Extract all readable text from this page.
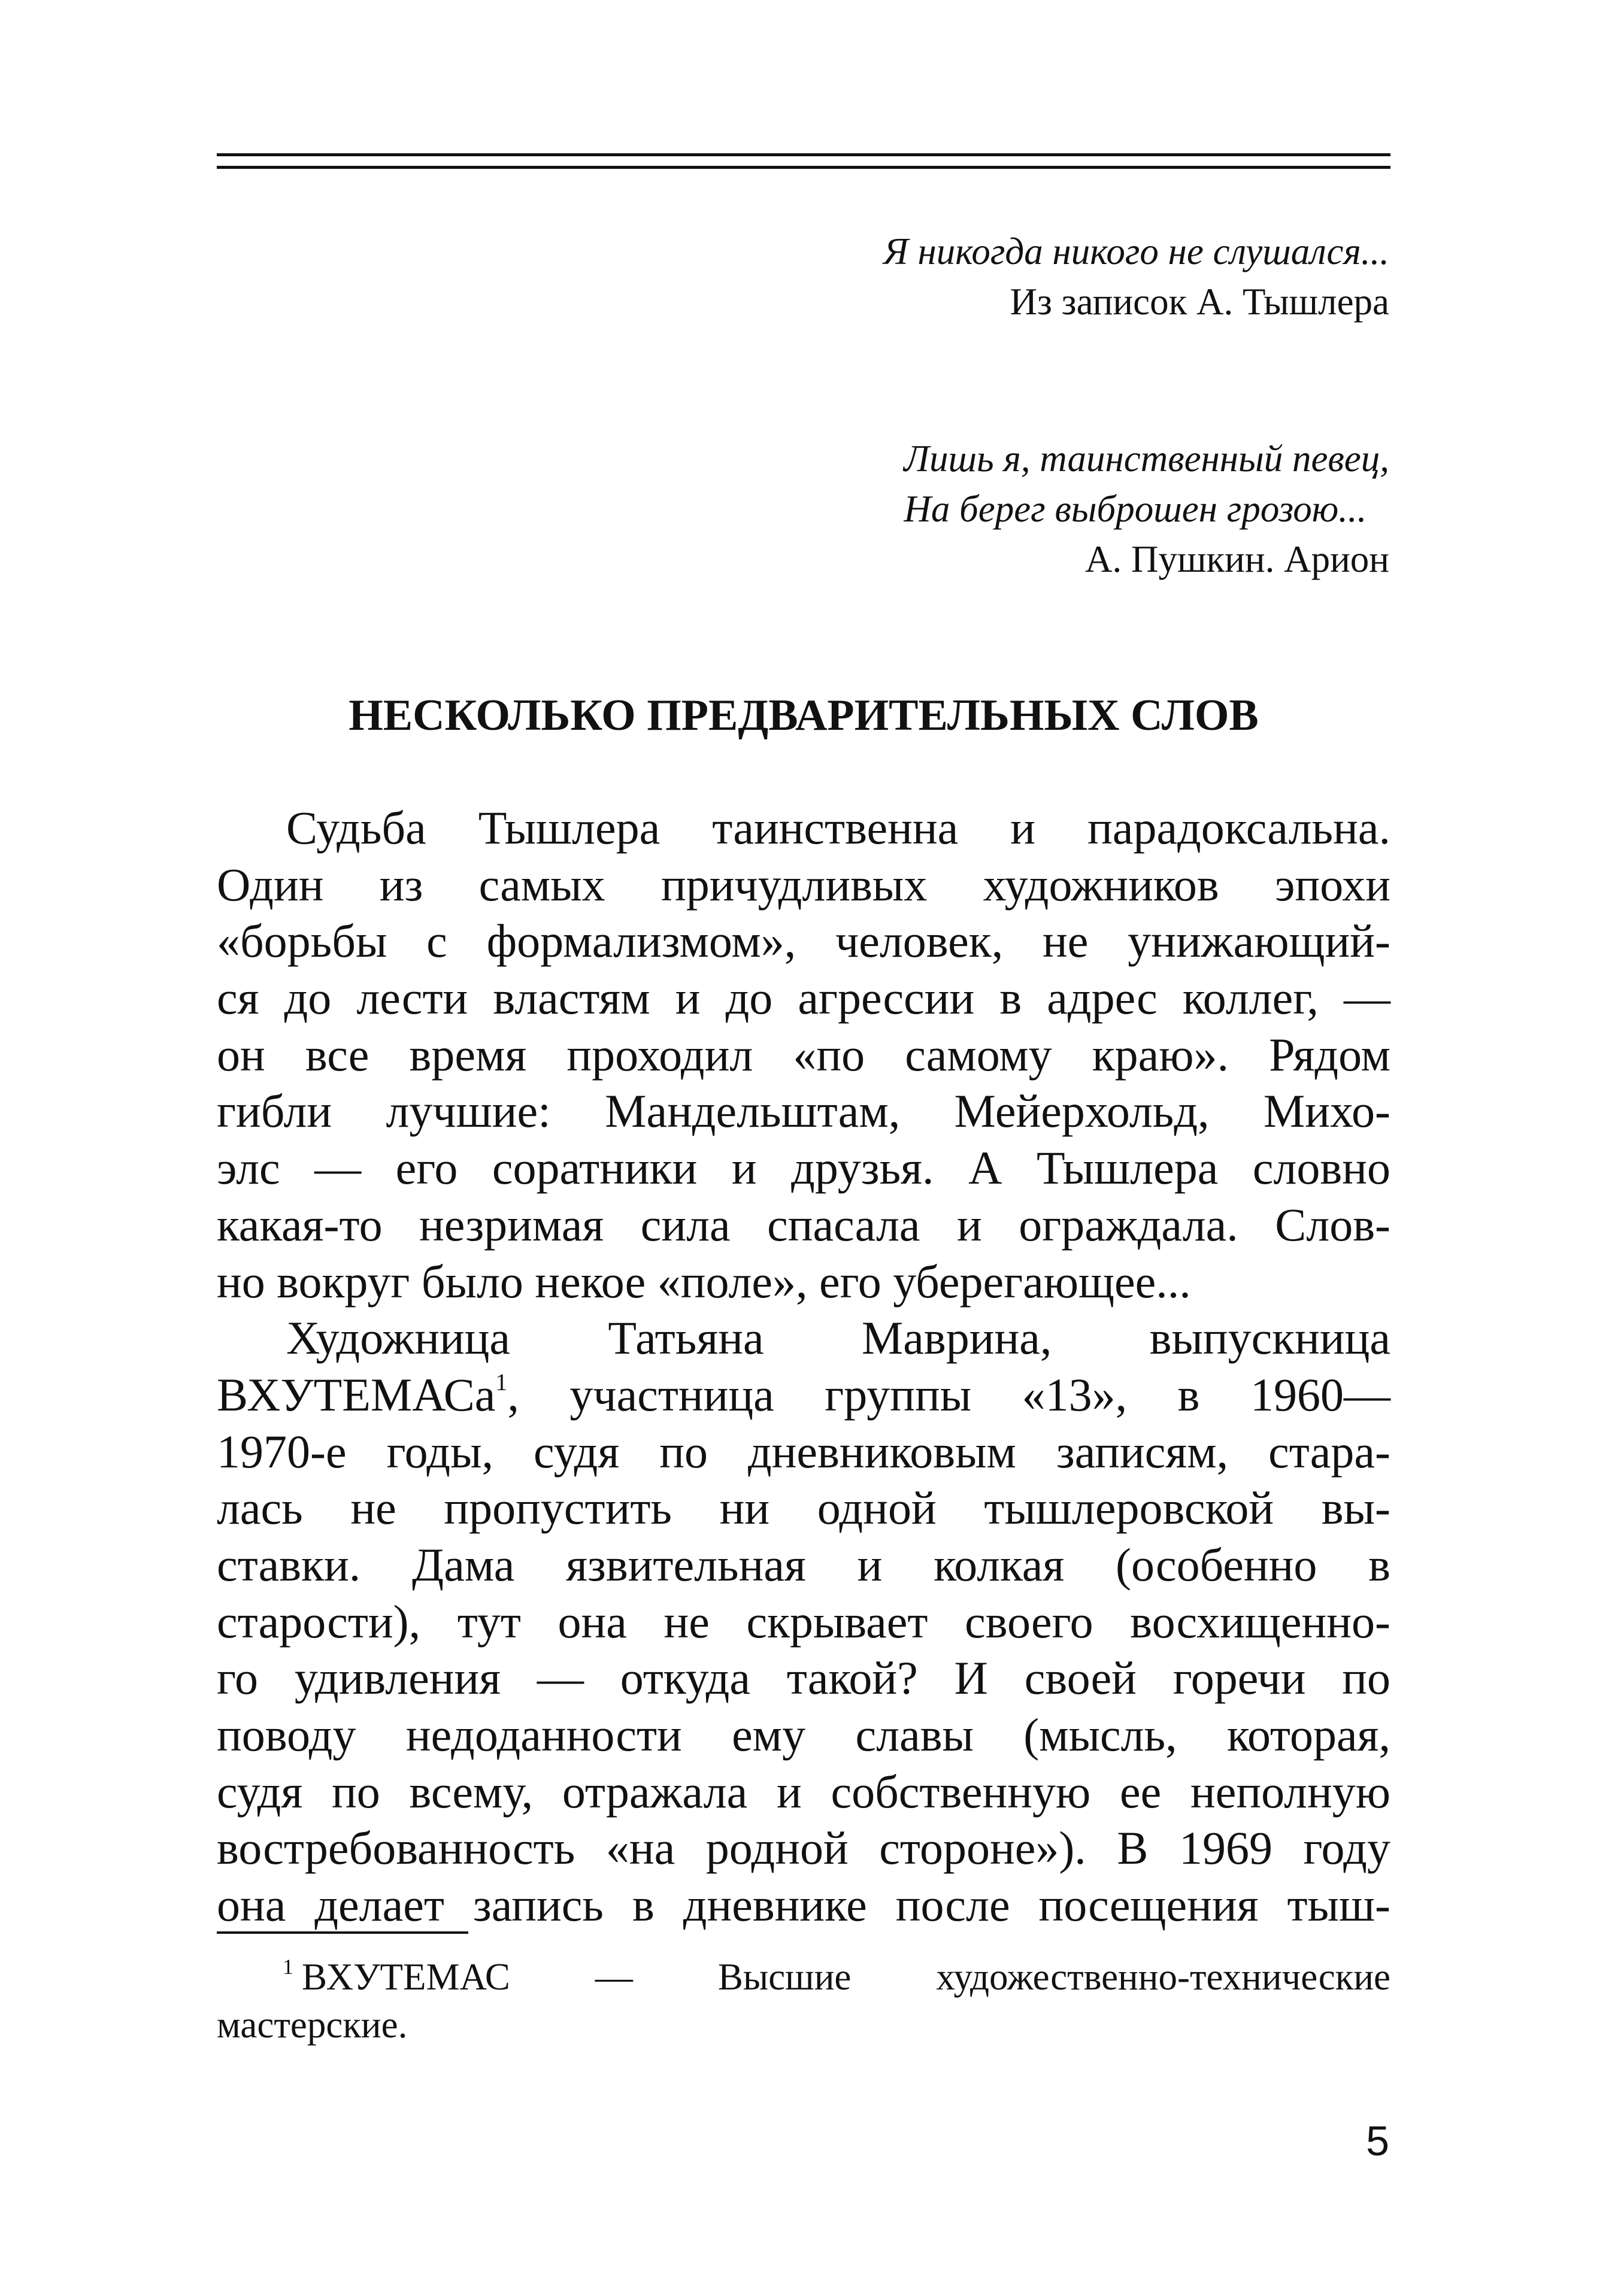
Я никогда никого не слушался...
Из записок А. Тышлера
Лишь я, таинственный певец,
На берег выброшен грозою...
А. Пушкин. Арион
НЕСКОЛЬКО ПРЕДВАРИТЕЛЬНЫХ СЛОВ
Судьба Тышлера таинственна и парадоксальна.
Один из самых причудливых художников эпохи
«борьбы с формализмом», человек, не унижающий-
ся до лести властям и до агрессии в адрес коллег, —
он все время проходил «по самому краю». Рядом
гибли лучшие: Мандельштам, Мейерхольд, Михо-
элс — его соратники и друзья. А Тышлера словно
какая-то незримая сила спасала и ограждала. Слов-
но вокруг было некое «поле», его уберегающее...
Художница Татьяна Маврина, выпускница
ВХУТЕМАСа$^1$, участница группы «13», в 1960—
1970-е годы, судя по дневниковым записям, стара-
лась не пропустить ни одной тышлеровской вы-
ставки. Дама язвительная и колкая (особенно в
старости), тут она не скрывает своего восхищенно-
го удивления — откуда такой? И своей горечи по
поводу недоданности ему славы (мысль, которая,
судя по всему, отражала и собственную ее неполную
востребованность «на родной стороне»). В 1969 году
она делает запись в дневнике после посещения тыш-
$^1$ ВХУТЕМАС — Высшие художественно-технические
мастерские.
5
